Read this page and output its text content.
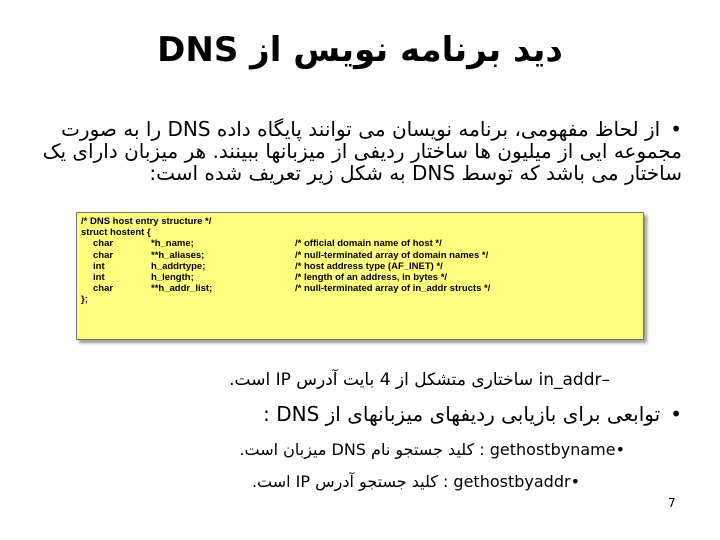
دید برنامه نویس از DNS
•از لحاظ مفهومی، برنامه نویسان می توانند پایگاه داده DNS را به صورت مجموعه ایی از میلیون ها ساختار ردیفی از میزبانها ببینند. هر میزبان دارای یک ساختار می باشد که توسط DNS به شکل زیر تعریف شده است:
/* DNS host entry structure */
struct hostent {
char	*h_name;	/* official domain name of host */
char	**h_aliases;	/* null-terminated array of domain names */
int	h_addrtype;	/* host address type (AF_INET) */
int	h_length;	/* length of an address, in bytes */
char	**h_addr_list;	/* null-terminated array of in_addr structs */
};
–in_addr ساختاری متشکل از 4 بایت آدرس IP است.
•توابعی برای بازیابی ردیفهای میزبانهای از DNS :
•gethostbyname : کلید جستجو نام DNS میزبان است.
•gethostbyaddr : کلید جستجو آدرس IP است.
7
